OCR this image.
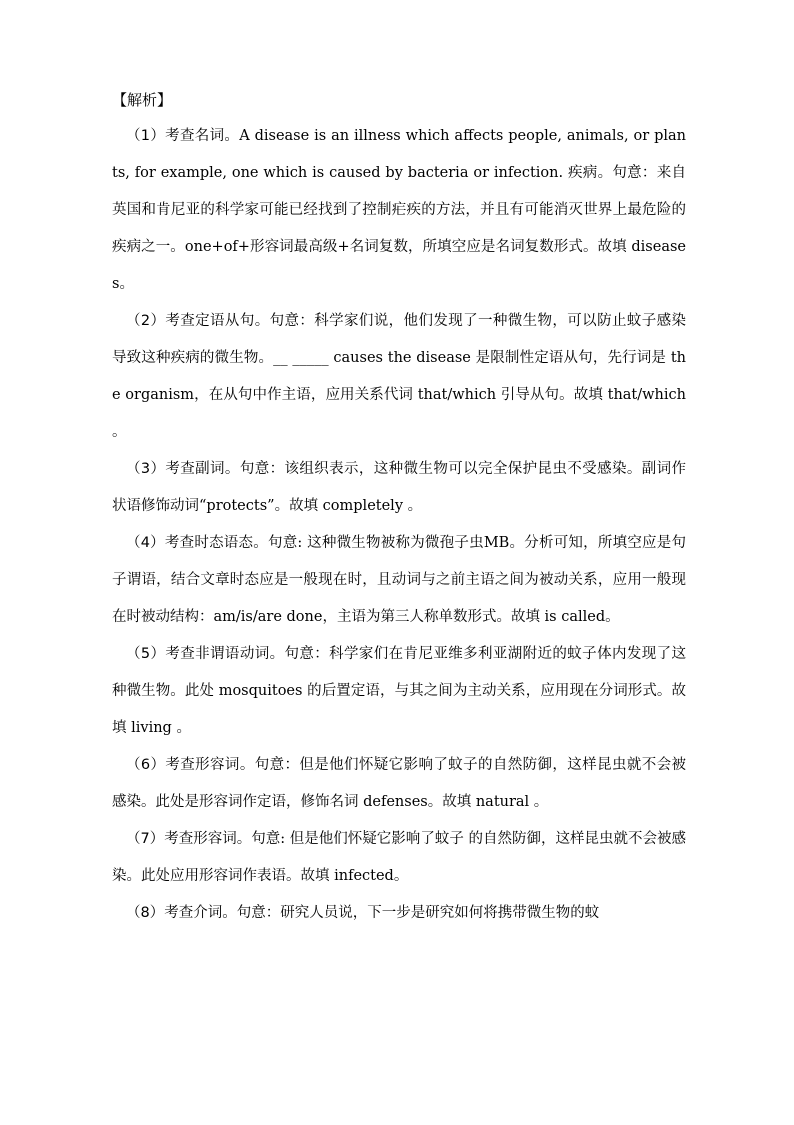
【解析】

（1）考查名词。A disease is an illness which affects people, animals, or plants, for example, one which is caused by bacteria or infection. 疾病。句意：来自英国和肯尼亚的科学家可能已经找到了控制疟疾的方法，并且有可能消灭世界上最危险的疾病之一。one+of+形容词最高级+名词复数，所填空应是名词复数形式。故填 diseases。

（2）考查定语从句。句意：科学家们说，他们发现了一种微生物，可以防止蚊子感染导致这种疾病的微生物。__ _____ causes the disease 是限制性定语从句，先行词是 the organism，在从句中作主语，应用关系代词 that/which 引导从句。故填 that/which 。

（3）考查副词。句意：该组织表示，这种微生物可以完全保护昆虫不受感染。副词作状语修饰动词“protects”。故填 completely 。

（4）考查时态语态。句意: 这种微生物被称为微孢子虫MB。分析可知，所填空应是句子谓语，结合文章时态应是一般现在时，且动词与之前主语之间为被动关系，应用一般现在时被动结构：am/is/are done，主语为第三人称单数形式。故填 is called。

（5）考查非谓语动词。句意：科学家们在肯尼亚维多利亚湖附近的蚊子体内发现了这种微生物。此处 mosquitoes 的后置定语，与其之间为主动关系，应用现在分词形式。故填 living 。

（6）考查形容词。句意：但是他们怀疑它影响了蚊子的自然防御，这样昆虫就不会被感染。此处是形容词作定语，修饰名词 defenses。故填 natural 。

（7）考查形容词。句意: 但是他们怀疑它影响了蚊子 的自然防御，这样昆虫就不会被感染。此处应用形容词作表语。故填 infected。

（8）考查介词。句意：研究人员说，下一步是研究如何将携带微生物的蚊
